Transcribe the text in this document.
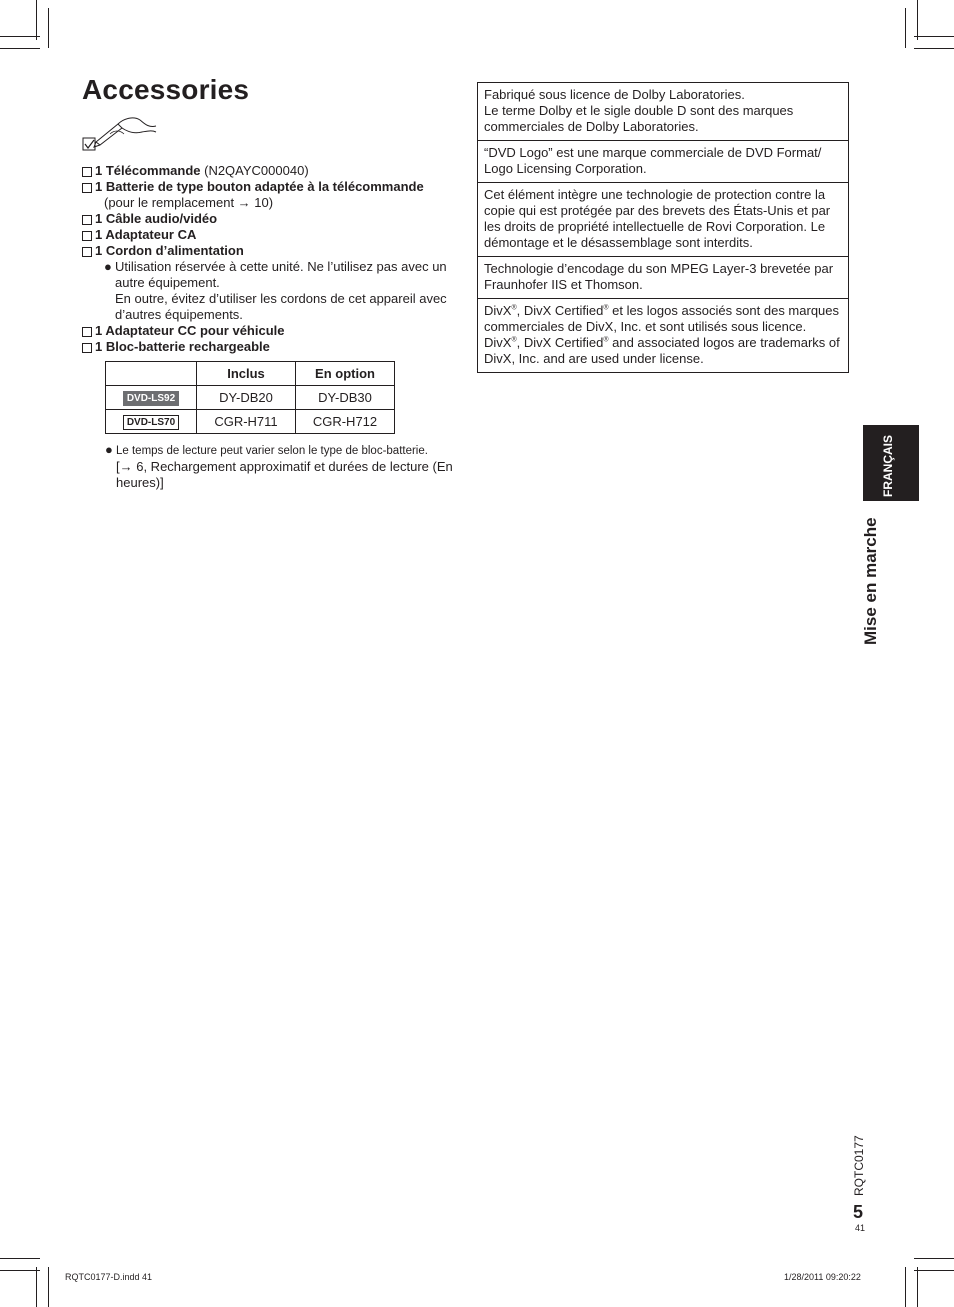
Accessories
1 Télécommande (N2QAYC000040)
1 Batterie de type bouton adaptée à la télécommande
(pour le remplacement → 10)
1 Câble audio/vidéo
1 Adaptateur CA
1 Cordon d’alimentation
● Utilisation réservée à cette unité. Ne l’utilisez pas avec un autre équipement.
En outre, évitez d’utiliser les cordons de cet appareil avec d’autres équipements.
1 Adaptateur CC pour véhicule
1 Bloc-batterie rechargeable
	Inclus	En option
DVD-LS92	DY-DB20	DY-DB30
DVD-LS70	CGR-H711	CGR-H712
● Le temps de lecture peut varier selon le type de bloc-batterie.
[→ 6, Rechargement approximatif et durées de lecture (En heures)]

Fabriqué sous licence de Dolby Laboratories.

Le terme Dolby et le sigle double D sont des marques commerciales de Dolby Laboratories.

“DVD Logo” est une marque commerciale de DVD Format/ Logo Licensing Corporation.

Cet élément intègre une technologie de protection contre la copie qui est protégée par des brevets des États-Unis et par les droits de propriété intellectuelle de Rovi Corporation. Le démontage et le désassemblage sont interdits.

Technologie d’encodage du son MPEG Layer-3 brevetée par Fraunhofer IIS et Thomson.

DivX®, DivX Certified® et les logos associés sont des marques commerciales de DivX, Inc. et sont utilisés sous licence.

DivX®, DivX Certified® and associated logos are trademarks of DivX, Inc. and are used under license.

FRANÇAIS
Mise en marche
RQTC0177
5
41
RQTC0177-D.indd 41	1/28/2011 09:20:22
